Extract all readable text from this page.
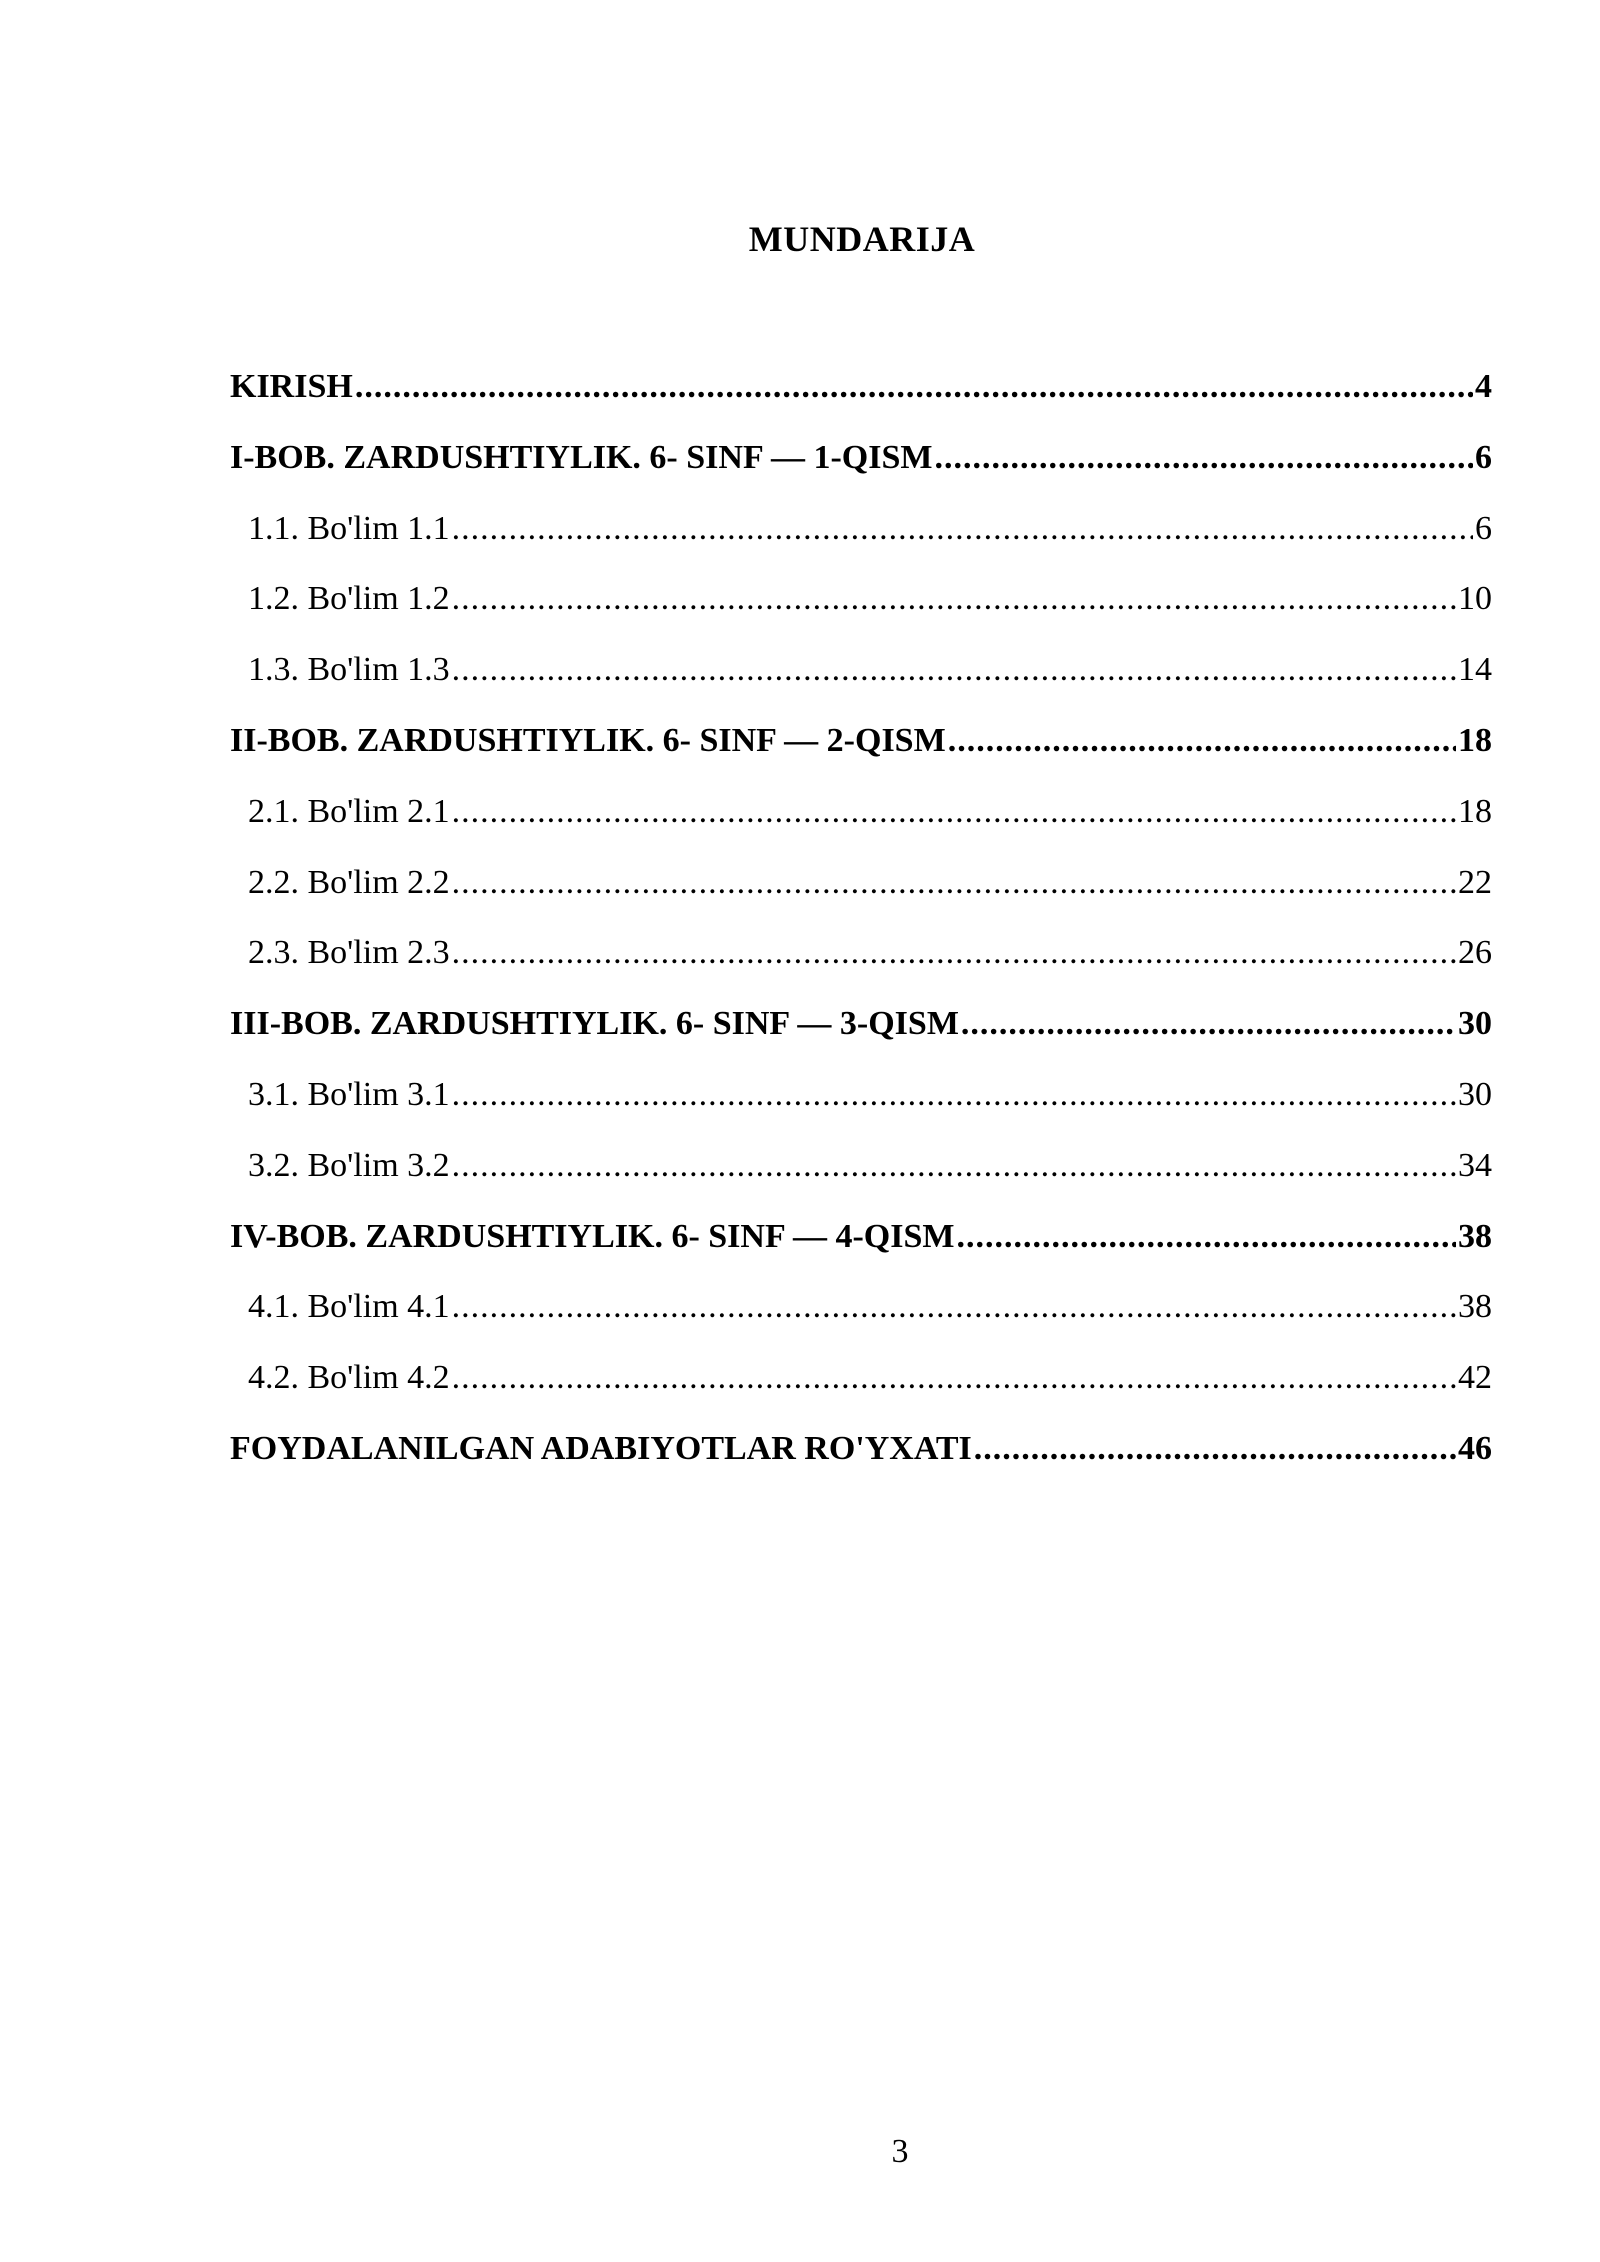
MUNDARIJA
KIRISH .....	4
I-BOB. ZARDUSHTIYLIK. 6- SINF — 1-QISM .....	6
1.1. Bo'lim 1.1 .....	6
1.2. Bo'lim 1.2 .....	10
1.3. Bo'lim 1.3 .....	14
II-BOB. ZARDUSHTIYLIK. 6- SINF — 2-QISM .....	18
2.1. Bo'lim 2.1 .....	18
2.2. Bo'lim 2.2 .....	22
2.3. Bo'lim 2.3 .....	26
III-BOB. ZARDUSHTIYLIK. 6- SINF — 3-QISM .....	30
3.1. Bo'lim 3.1 .....	30
3.2. Bo'lim 3.2 .....	34
IV-BOB. ZARDUSHTIYLIK. 6- SINF — 4-QISM .....	38
4.1. Bo'lim 4.1 .....	38
4.2. Bo'lim 4.2 .....	42
FOYDALANILGAN ADABIYOTLAR RO'YXATI .....	46
3
